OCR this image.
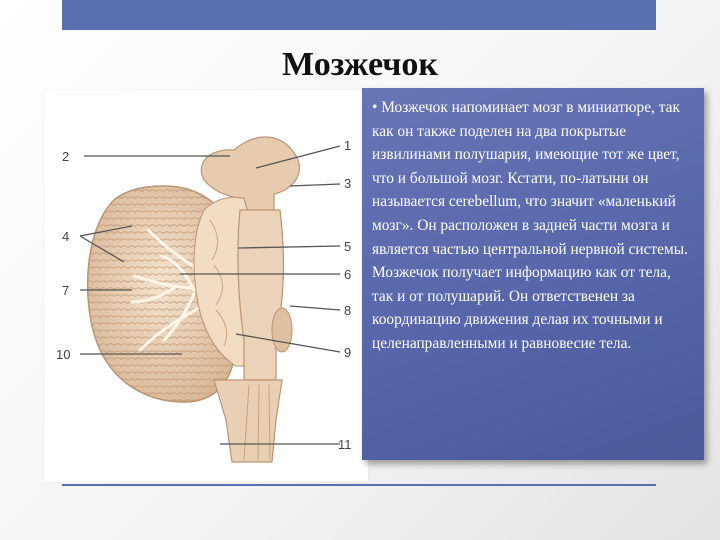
Мозжечок
1
2
3
4
5
6
7
8
9
10
11

• Мозжечок напоминает мозг в миниатюре, так как он также поделен на два покрытые извилинами полушария, имеющие тот же цвет, что и большой мозг. Кстати, по-латыни он называется cerebellum, что значит «маленький мозг». Он расположен в задней части мозга и является частью центральной нервной системы. Мозжечок получает информацию как от тела, так и от полушарий. Он ответственен за координацию движения делая их точными и целенаправленными и равновесие тела.
